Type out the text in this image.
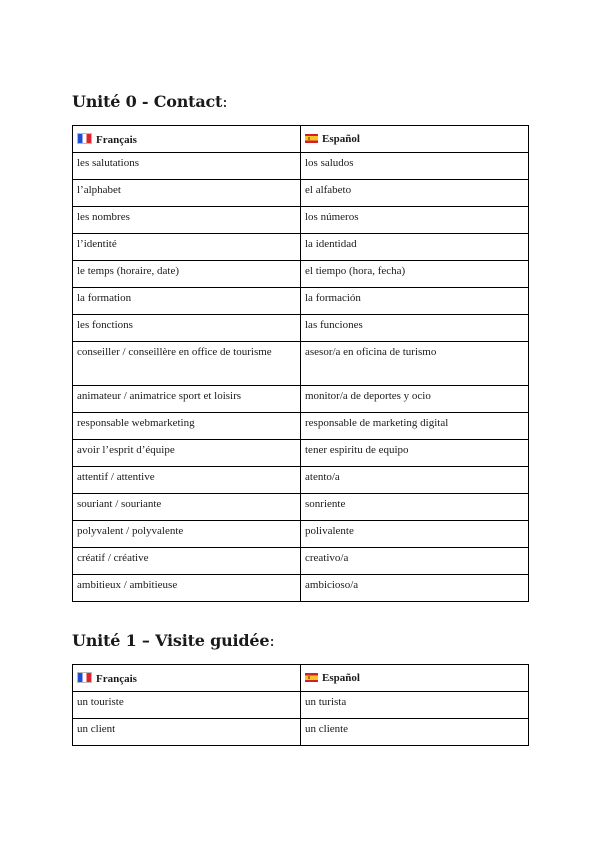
Unité 0 - Contact:
Français	Español
les salutations	los saludos
l’alphabet	el alfabeto
les nombres	los números
l’identité	la identidad
le temps (horaire, date)	el tiempo (hora, fecha)
la formation	la formación
les fonctions	las funciones
conseiller / conseillère en office de tourisme	asesor/a en oficina de turismo
animateur / animatrice sport et loisirs	monitor/a de deportes y ocio
responsable webmarketing	responsable de marketing digital
avoir l’esprit d’équipe	tener espiritu de equipo
attentif / attentive	atento/a
souriant / souriante	sonriente
polyvalent / polyvalente	polivalente
créatif / créative	creativo/a
ambitieux / ambitieuse	ambicioso/a
Unité 1 – Visite guidée:
Français	Español
un touriste	un turista
un client	un cliente
